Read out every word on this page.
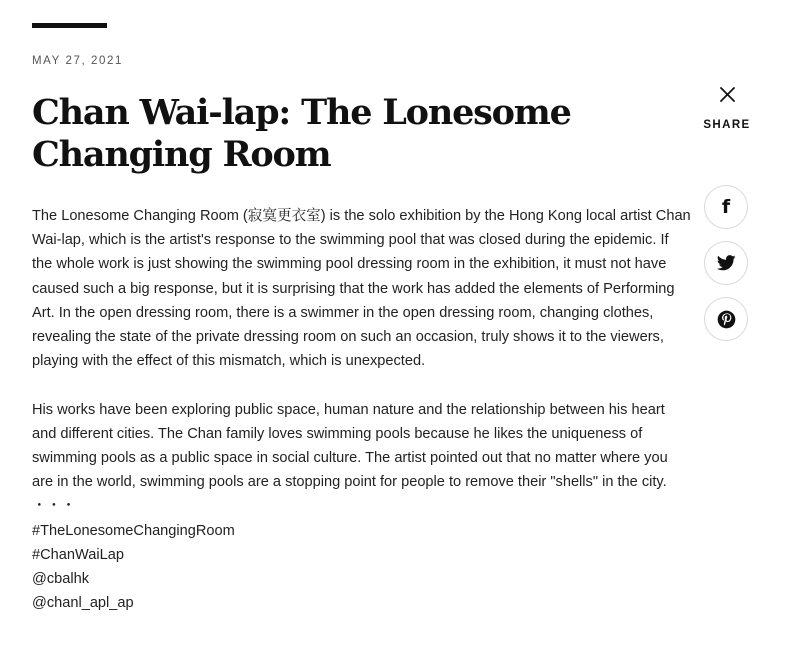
MAY 27, 2021

Chan Wai-lap: The Lonesome
Changing Room

The Lonesome Changing Room (寂寞更衣室) is the solo exhibition by the Hong Kong local artist Chan Wai-lap, which is the artist's response to the swimming pool that was closed during the epidemic. If the whole work is just showing the swimming pool dressing room in the exhibition, it must not have caused such a big response, but it is surprising that the work has added the elements of Performing Art. In the open dressing room, there is a swimmer in the open dressing room, changing clothes, revealing the state of the private dressing room on such an occasion, truly shows it to the viewers, playing with the effect of this mismatch, which is unexpected.

His works have been exploring public space, human nature and the relationship between his heart and different cities. The Chan family loves swimming pools because he likes the uniqueness of swimming pools as a public space in social culture. The artist pointed out that no matter where you are in the world, swimming pools are a stopping point for people to remove their "shells" in the city.

・・・
#TheLonesomeChangingRoom
#ChanWaiLap
@cbalhk
@chanl_apl_ap
SHARE
f
